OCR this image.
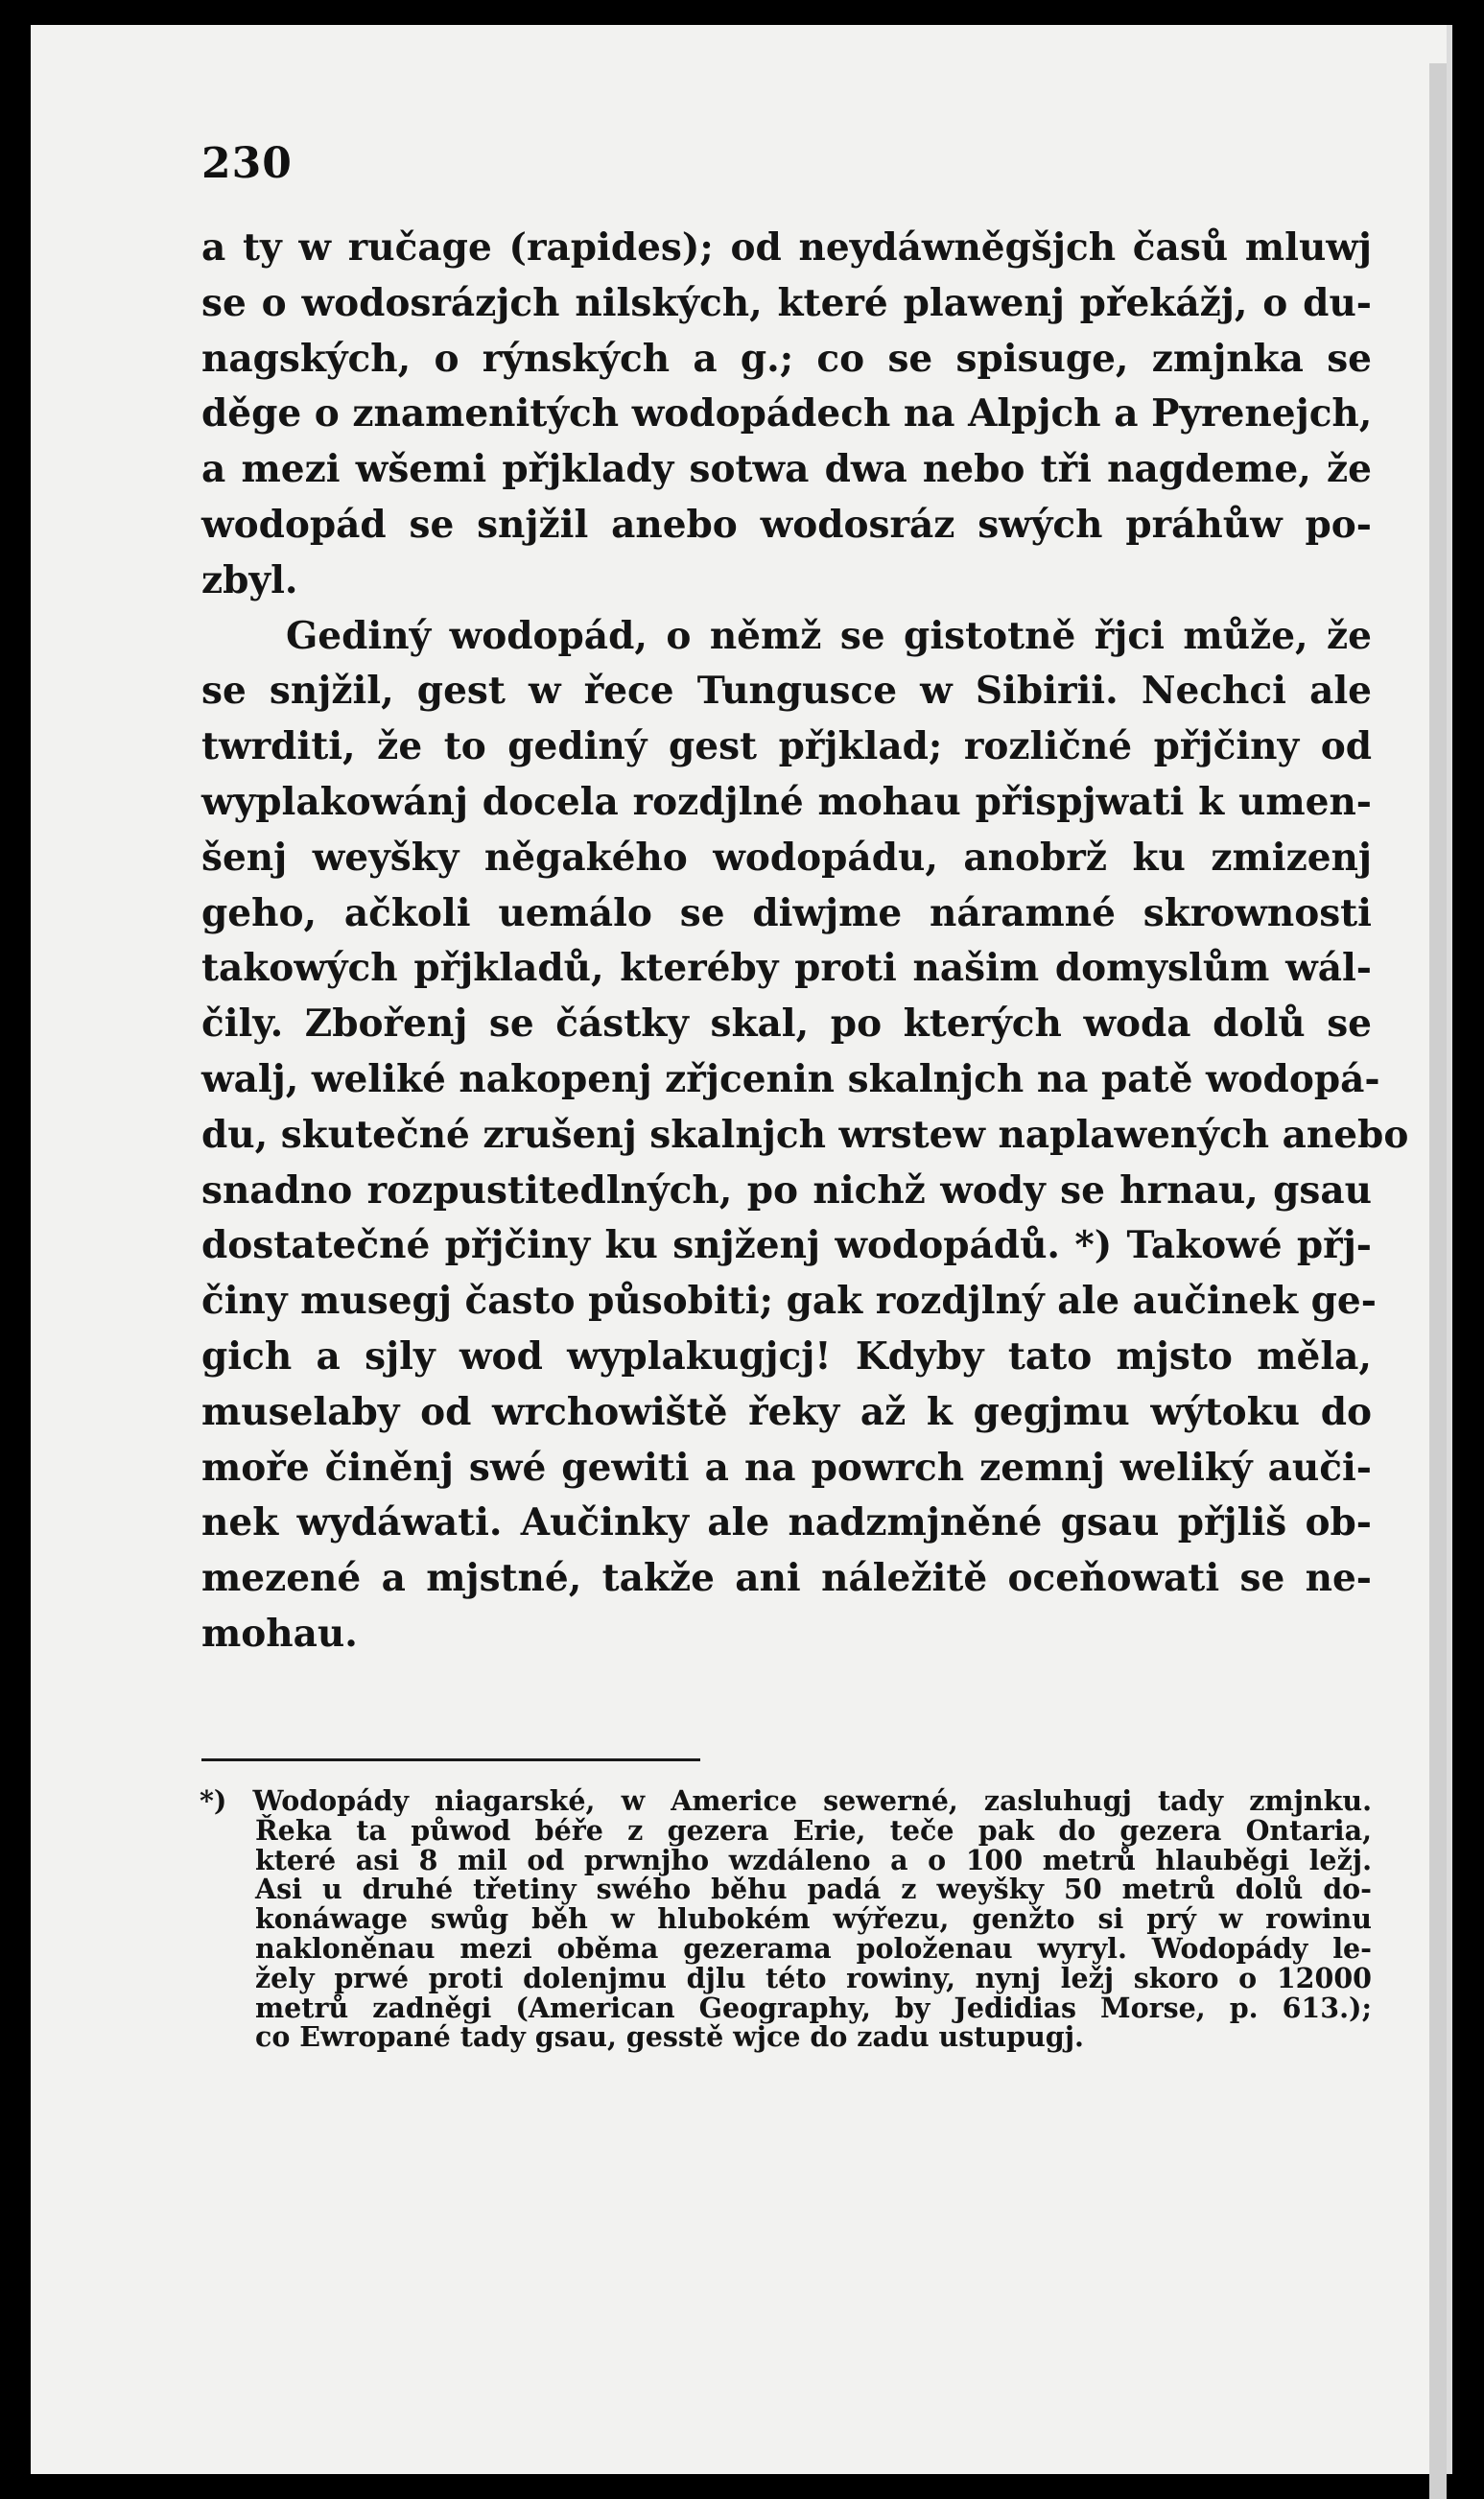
230
a ty w ručage (rapides); od neydáwněgšjch časů mluwj
se o wodosrázjch nilských, které plawenj překážj, o du-
nagských, o rýnských a g.; co se spisuge, zmjnka se
děge o znamenitých wodopádech na Alpjch a Pyrenejch,
a mezi wšemi přjklady sotwa dwa nebo tři nagdeme, že
wodopád se snjžil anebo wodosráz swých práhůw po-
zbyl.
Gediný wodopád, o němž se gistotně řjci může, že
se snjžil, gest w řece Tungusce w Sibirii. Nechci ale
twrditi, že to gediný gest přjklad; rozličné přjčiny od
wyplakowánj docela rozdjlné mohau přispjwati k umen-
šenj weyšky něgakého wodopádu, anobrž ku zmizenj
geho, ačkoli uemálo se diwjme náramné skrownosti
takowých přjkladů, kteréby proti našim domyslům wál-
čily. Zbořenj se částky skal, po kterých woda dolů se
walj, weliké nakopenj zřjcenin skalnjch na patě wodopá-
du, skutečné zrušenj skalnjch wrstew naplawených anebo
snadno rozpustitedlných, po nichž wody se hrnau, gsau
dostatečné přjčiny ku snjženj wodopádů. *) Takowé přj-
činy musegj často působiti; gak rozdjlný ale aučinek ge-
gich a sjly wod wyplakugjcj! Kdyby tato mjsto měla,
muselaby od wrchowiště řeky až k gegjmu wýtoku do
moře činěnj swé gewiti a na powrch zemnj weliký auči-
nek wydáwati. Aučinky ale nadzmjněné gsau přjliš ob-
mezené a mjstné, takže ani náležitě oceňowati se ne-
mohau.
*) Wodopády niagarské, w Americe sewerné, zasluhugj tady zmjnku.
Řeka ta půwod béře z gezera Erie, teče pak do gezera Ontaria,
které asi 8 mil od prwnjho wzdáleno a o 100 metrů hlauběgi ležj.
Asi u druhé třetiny swého běhu padá z weyšky 50 metrů dolů do-
konáwage swůg běh w hlubokém wýřezu, genžto si prý w rowinu
nakloněnau mezi oběma gezerama položenau wyryl. Wodopády le-
žely prwé proti dolenjmu djlu této rowiny, nynj ležj skoro o 12000
metrů zadněgi (American Geography, by Jedidias Morse, p. 613.);
co Ewropané tady gsau, gesstě wjce do zadu ustupugj.
